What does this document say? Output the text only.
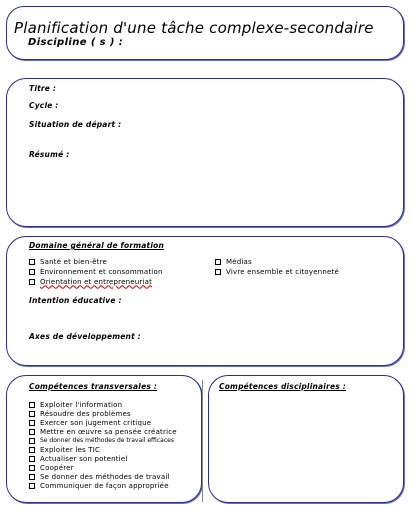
Planification d'une tâche complexe-secondaire
Discipline ( s ) :
Titre :
Cycle :
Situation de départ :
Résumé :
Domaine général de formation
Santé et bien-être
Environnement et consommation
Orientation et entrepreneuriat
Médias
Vivre ensemble et citoyenneté
Intention éducative :
Axes de développement :
Compétences transversales :
Exploiter l'information
Résoudre des problèmes
Exercer son jugement critique
Mettre en œuvre sa pensée créatrice
Se donner des méthodes de travail efficaces
Exploiter les TIC
Actualiser son potentiel
Coopérer
Se donner des méthodes de travail
Communiquer de façon appropriée
Compétences disciplinaires :
